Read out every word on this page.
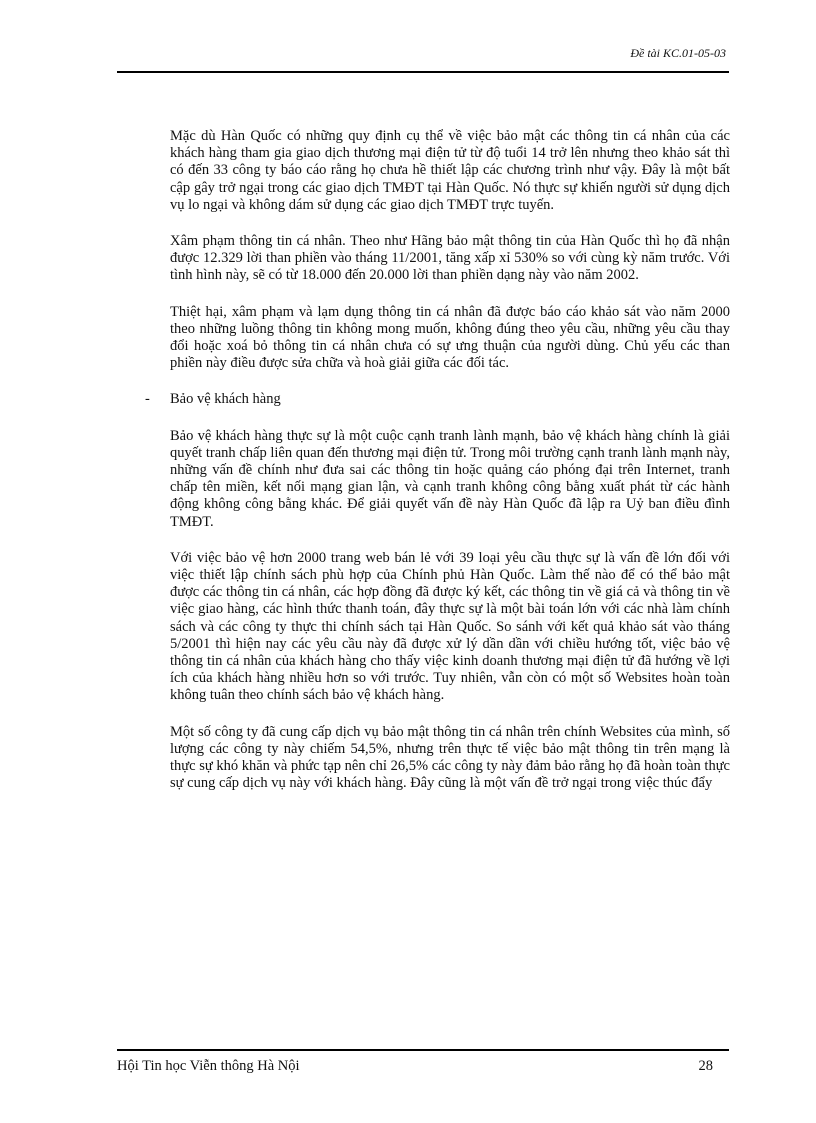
Đề tài KC.01-05-03

Mặc dù Hàn Quốc có những quy định cụ thể về việc bảo mật các thông tin cá nhân của các khách hàng tham gia giao dịch thương mại điện tử từ độ tuổi 14 trở lên nhưng theo khảo sát thì có đến 33 công ty báo cáo rằng họ chưa hề thiết lập các chương trình như vậy. Đây là một bất cập gây trở ngại trong các giao dịch TMĐT tại Hàn Quốc. Nó thực sự khiến người sử dụng dịch vụ lo ngại và không dám sử dụng các giao dịch TMĐT trực tuyến.

Xâm phạm thông tin cá nhân. Theo như Hãng bảo mật thông tin của Hàn Quốc thì họ đã nhận được 12.329 lời than phiền vào tháng 11/2001, tăng xấp xỉ 530% so với cùng kỳ năm trước. Với tình hình này, sẽ có từ 18.000 đến 20.000 lời than phiền dạng này vào năm 2002.

Thiệt hại, xâm phạm và lạm dụng thông tin cá nhân đã được báo cáo khảo sát vào năm 2000 theo những luồng thông tin không mong muốn, không đúng theo yêu cầu, những yêu cầu thay đổi hoặc xoá bỏ thông tin cá nhân chưa có sự ưng thuận của người dùng. Chủ yếu các than phiền này điều được sửa chữa và hoà giải giữa các đối tác.

- Bảo vệ khách hàng

Bảo vệ khách hàng thực sự là một cuộc cạnh tranh lành mạnh, bảo vệ khách hàng chính là giải quyết tranh chấp liên quan đến thương mại điện tử. Trong môi trường cạnh tranh lành mạnh này, những vấn đề chính như đưa sai các thông tin hoặc quảng cáo phóng đại trên Internet, tranh chấp tên miền, kết nối mạng gian lận, và cạnh tranh không công bằng xuất phát từ các hành động không công bằng khác. Để giải quyết vấn đề này Hàn Quốc đã lập ra Uỷ ban điều đình TMĐT.

Với việc bảo vệ hơn 2000 trang web bán lẻ với 39 loại yêu cầu thực sự là vấn đề lớn đối với việc thiết lập chính sách phù hợp của Chính phủ Hàn Quốc. Làm thế nào để có thể bảo mật được các thông tin cá nhân, các hợp đồng đã được ký kết, các thông tin về giá cả và thông tin về việc giao hàng, các hình thức thanh toán, đây thực sự là một bài toán lớn với các nhà làm chính sách và các công ty thực thi chính sách tại Hàn Quốc. So sánh với kết quả khảo sát vào tháng 5/2001 thì hiện nay các yêu cầu này đã được xử lý dần dần với chiều hướng tốt, việc bảo vệ thông tin cá nhân của khách hàng cho thấy việc kinh doanh thương mại điện tử đã hướng về lợi ích của khách hàng nhiều hơn so với trước. Tuy nhiên, vẫn còn có một số Websites hoàn toàn không tuân theo chính sách bảo vệ khách hàng.

Một số công ty đã cung cấp dịch vụ bảo mật thông tin cá nhân trên chính Websites của mình, số lượng các công ty này chiếm 54,5%, nhưng trên thực tế việc bảo mật thông tin trên mạng là thực sự khó khăn và phức tạp nên chỉ 26,5% các công ty này đảm bảo rằng họ đã hoàn toàn thực sự cung cấp dịch vụ này với khách hàng. Đây cũng là một vấn đề trở ngại trong việc thúc đẩy

Hội Tin học Viễn thông Hà Nội	28
